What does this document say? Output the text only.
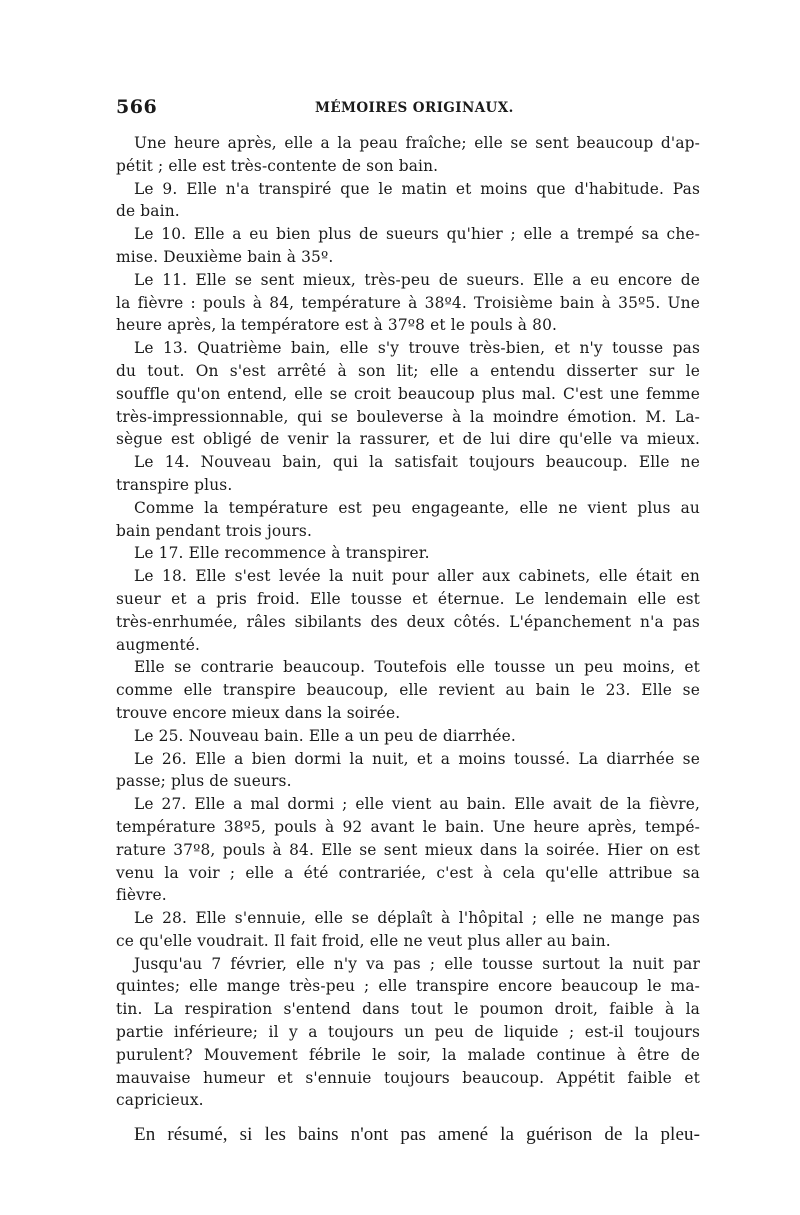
566	MÉMOIRES ORIGINAUX.
Une heure après, elle a la peau fraîche; elle se sent beaucoup d'ap-
pétit ; elle est très-contente de son bain.
Le 9. Elle n'a transpiré que le matin et moins que d'habitude. Pas
de bain.
Le 10. Elle a eu bien plus de sueurs qu'hier ; elle a trempé sa che-
mise. Deuxième bain à 35º.
Le 11. Elle se sent mieux, très-peu de sueurs. Elle a eu encore de
la fièvre : pouls à 84, température à 38º4. Troisième bain à 35º5. Une
heure après, la températore est à 37º8 et le pouls à 80.
Le 13. Quatrième bain, elle s'y trouve très-bien, et n'y tousse pas
du tout. On s'est arrêté à son lit; elle a entendu disserter sur le
souffle qu'on entend, elle se croit beaucoup plus mal. C'est une femme
très-impressionnable, qui se bouleverse à la moindre émotion. M. La-
sègue est obligé de venir la rassurer, et de lui dire qu'elle va mieux.
Le 14. Nouveau bain, qui la satisfait toujours beaucoup. Elle ne
transpire plus.
Comme la température est peu engageante, elle ne vient plus au
bain pendant trois jours.
Le 17. Elle recommence à transpirer.
Le 18. Elle s'est levée la nuit pour aller aux cabinets, elle était en
sueur et a pris froid. Elle tousse et éternue. Le lendemain elle est
très-enrhumée, râles sibilants des deux côtés. L'épanchement n'a pas
augmenté.
Elle se contrarie beaucoup. Toutefois elle tousse un peu moins, et
comme elle transpire beaucoup, elle revient au bain le 23. Elle se
trouve encore mieux dans la soirée.
Le 25. Nouveau bain. Elle a un peu de diarrhée.
Le 26. Elle a bien dormi la nuit, et a moins toussé. La diarrhée se
passe; plus de sueurs.
Le 27. Elle a mal dormi ; elle vient au bain. Elle avait de la fièvre,
température 38º5, pouls à 92 avant le bain. Une heure après, tempé-
rature 37º8, pouls à 84. Elle se sent mieux dans la soirée. Hier on est
venu la voir ; elle a été contrariée, c'est à cela qu'elle attribue sa
fièvre.
Le 28. Elle s'ennuie, elle se déplaît à l'hôpital ; elle ne mange pas
ce qu'elle voudrait. Il fait froid, elle ne veut plus aller au bain.
Jusqu'au 7 février, elle n'y va pas ; elle tousse surtout la nuit par
quintes; elle mange très-peu ; elle transpire encore beaucoup le ma-
tin. La respiration s'entend dans tout le poumon droit, faible à la
partie inférieure; il y a toujours un peu de liquide ; est-il toujours
purulent? Mouvement fébrile le soir, la malade continue à être de
mauvaise humeur et s'ennuie toujours beaucoup. Appétit faible et
capricieux.
En résumé, si les bains n'ont pas amené la guérison de la pleu-
